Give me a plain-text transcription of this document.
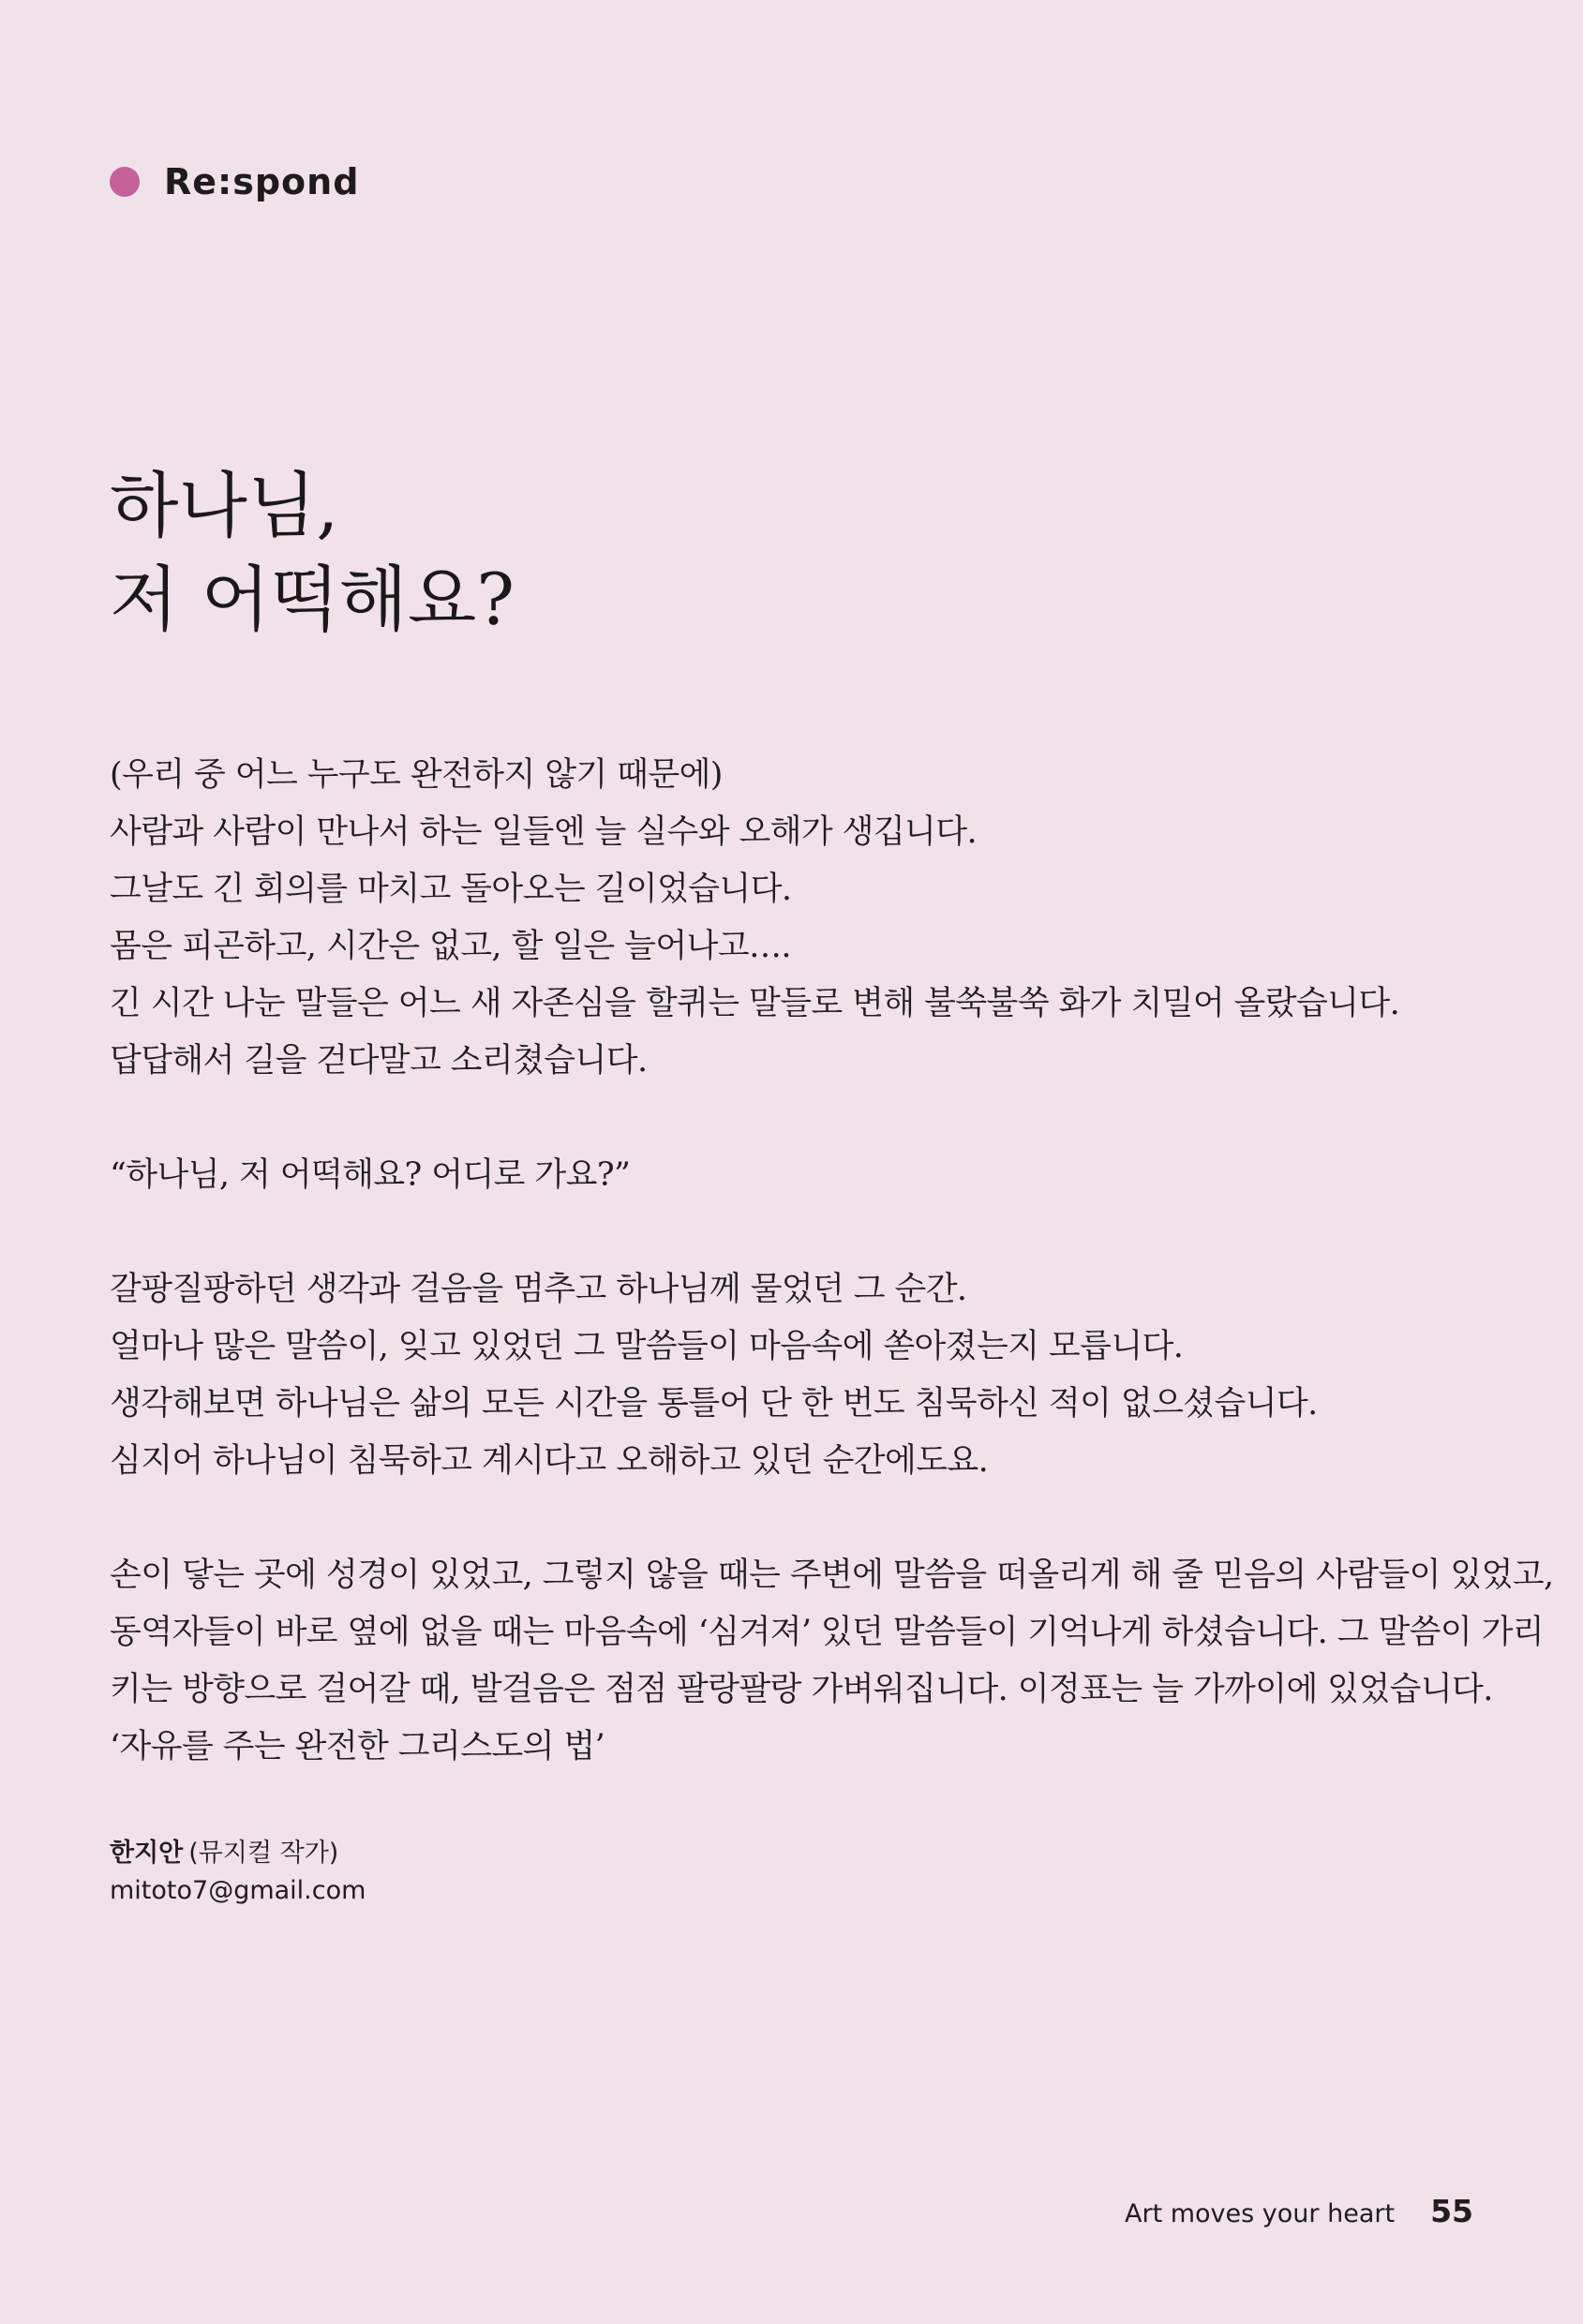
Re:spond
하나님,
저 어떡해요?

(우리 중 어느 누구도 완전하지 않기 때문에)
사람과 사람이 만나서 하는 일들엔 늘 실수와 오해가 생깁니다.
그날도 긴 회의를 마치고 돌아오는 길이었습니다.
몸은 피곤하고, 시간은 없고, 할 일은 늘어나고….
긴 시간 나눈 말들은 어느 새 자존심을 할퀴는 말들로 변해 불쑥불쑥 화가 치밀어 올랐습니다.
답답해서 길을 걷다말고 소리쳤습니다.

“하나님, 저 어떡해요? 어디로 가요?”

갈팡질팡하던 생각과 걸음을 멈추고 하나님께 물었던 그 순간.
얼마나 많은 말씀이, 잊고 있었던 그 말씀들이 마음속에 쏟아졌는지 모릅니다.
생각해보면 하나님은 삶의 모든 시간을 통틀어 단 한 번도 침묵하신 적이 없으셨습니다.
심지어 하나님이 침묵하고 계시다고 오해하고 있던 순간에도요.

손이 닿는 곳에 성경이 있었고, 그렇지 않을 때는 주변에 말씀을 떠올리게 해 줄 믿음의 사람들이 있었고,
동역자들이 바로 옆에 없을 때는 마음속에 ‘심겨져’ 있던 말씀들이 기억나게 하셨습니다. 그 말씀이 가리
키는 방향으로 걸어갈 때, 발걸음은 점점 팔랑팔랑 가벼워집니다. 이정표는 늘 가까이에 있었습니다.
‘자유를 주는 완전한 그리스도의 법’

한지안 (뮤지컬 작가)
mitoto7@gmail.com
Art moves your heart 55
